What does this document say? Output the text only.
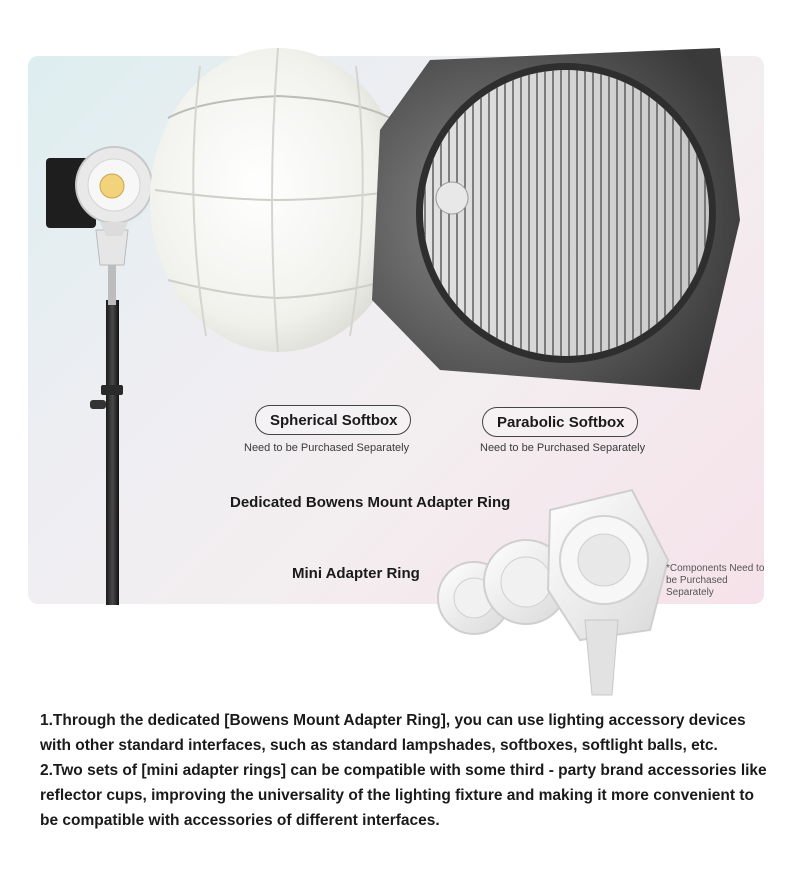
Spherical Softbox
Need to be Purchased Separately
Parabolic Softbox
Need to be Purchased Separately
Dedicated Bowens Mount Adapter Ring
Mini Adapter Ring	*Components Need to be Purchased Separately

1.Through the dedicated [Bowens Mount Adapter Ring], you can use lighting accessory devices with other standard interfaces, such as standard lampshades, softboxes, softlight balls, etc.

2.Two sets of [mini adapter rings] can be compatible with some third - party brand accessories like reflector cups, improving the universality of the lighting fixture and making it more convenient to be compatible with accessories of different interfaces.
